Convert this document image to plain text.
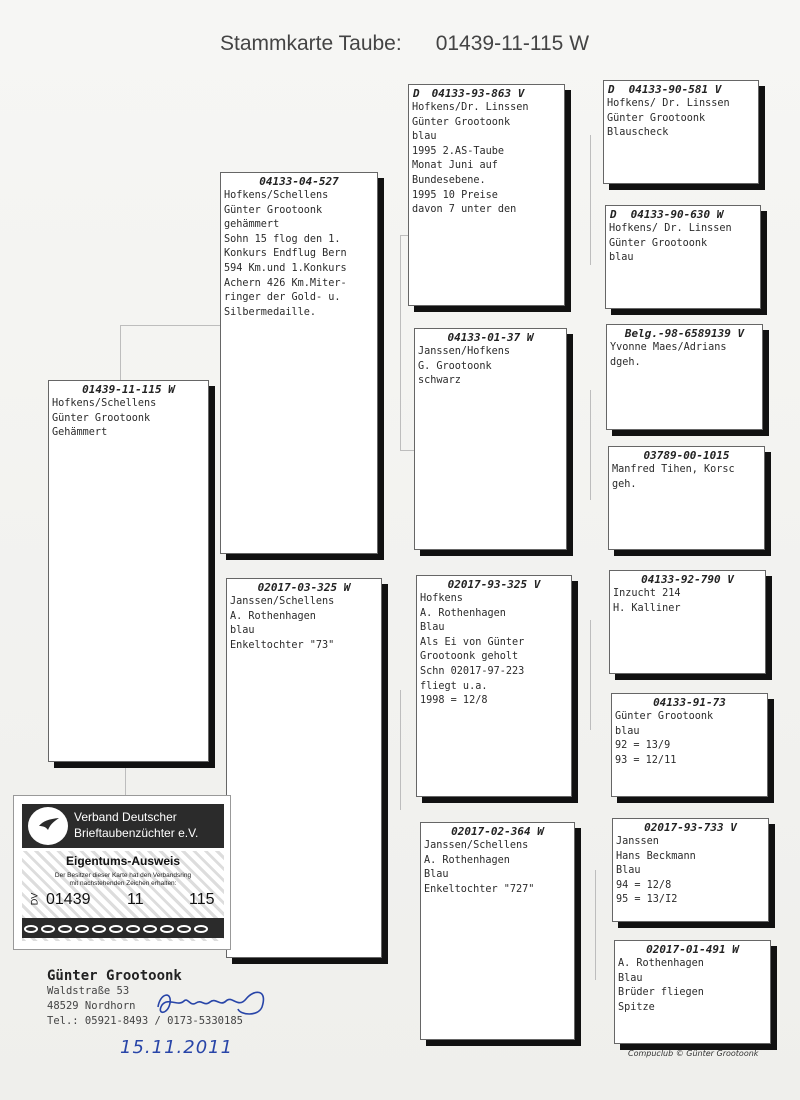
Stammkarte Taube: 01439-11-115 W
01439-11-115 W
Hofkens/Schellens
Günter Grootoonk
Gehämmert
04133-04-527
Hofkens/Schellens
Günter Grootoonk
gehämmert
Sohn 15 flog den 1.
Konkurs Endflug Bern
594 Km.und 1.Konkurs
Achern 426 Km.Miter-
ringer der Gold- u.
Silbermedaille.
02017-03-325 W
Janssen/Schellens
A. Rothenhagen
blau
Enkeltochter "73"
D 04133-93-863 V
Hofkens/Dr. Linssen
Günter Grootoonk
blau
1995 2.AS-Taube
Monat Juni auf
Bundesebene.
1995 10 Preise
davon 7 unter den
04133-01-37 W
Janssen/Hofkens
G. Grootoonk
schwarz
02017-93-325 V
Hofkens
A. Rothenhagen
Blau
Als Ei von Günter
Grootoonk geholt
Schn 02017-97-223
fliegt u.a.
1998 = 12/8
02017-02-364 W
Janssen/Schellens
A. Rothenhagen
Blau
Enkeltochter "727"
D 04133-90-581 V
Hofkens/ Dr. Linssen
Günter Grootoonk
Blauscheck
D 04133-90-630 W
Hofkens/ Dr. Linssen
Günter Grootoonk
blau
Belg.-98-6589139 V
Yvonne Maes/Adrians
dgeh.
03789-00-1015
Manfred Tihen, Korsc
geh.
04133-92-790 V
Inzucht 214
H. Kalliner
04133-91-73
Günter Grootoonk
blau
92 = 13/9
93 = 12/11
02017-93-733 V
Janssen
Hans Beckmann
Blau
94 = 12/8
95 = 13/I2
02017-01-491 W
A. Rothenhagen
Blau
Brüder fliegen
Spitze
Verband Deutscher
Brieftaubenzüchter e.V.
Eigentums-Ausweis
Der Besitzer dieser Karte hat den Verbandsring
mit nachstehenden Zeichen erhalten:
DV 01439 11	115
Günter Grootoonk
Waldstraße 53
48529 Nordhorn
Tel.: 05921-8493 / 0173-5330185
15.11.2011	Compuclub © Günter Grootoonk
